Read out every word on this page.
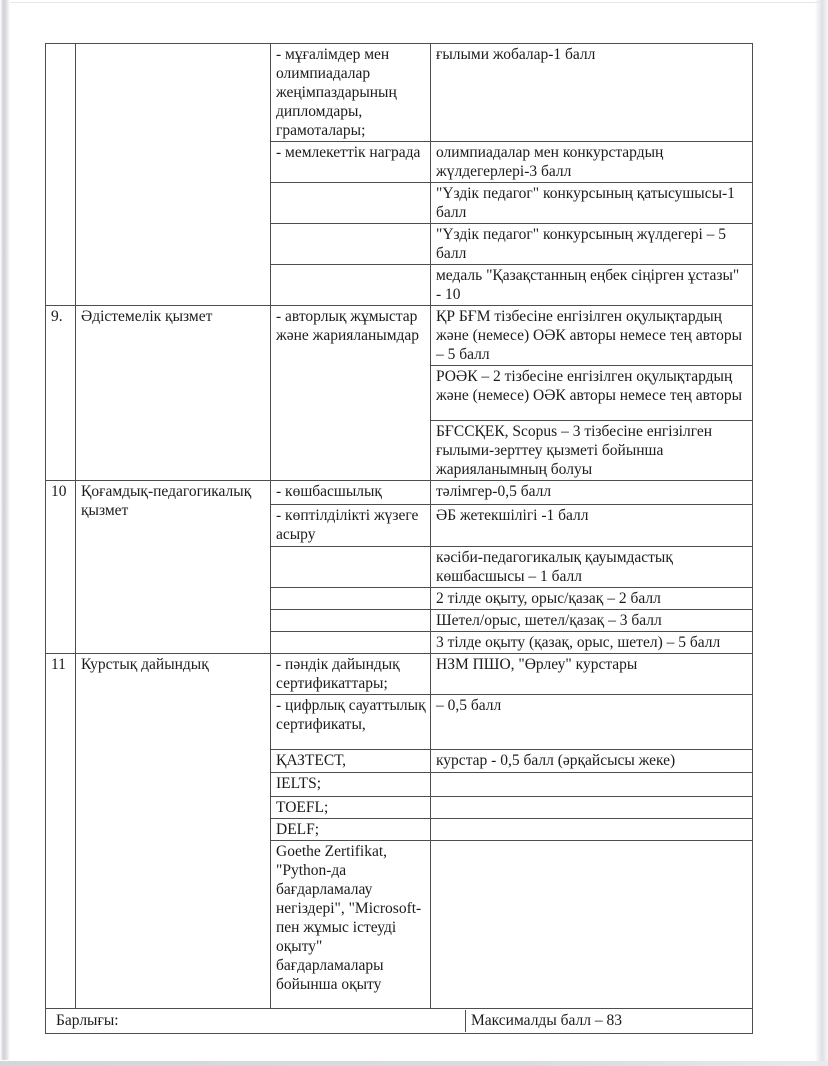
		- мұғалімдер мен олимпиадалар жеңімпаздарының дипломдары, грамоталары;	ғылыми жобалар-1 балл
		- мемлекеттік награда	олимпиадалар мен конкурстардың жүлдегерлері-3 балл
			"Үздік педагог" конкурсының қатысушысы-1 балл
			"Үздік педагог" конкурсының жүлдегері – 5 балл
			медаль "Қазақстанның еңбек сіңірген ұстазы" - 10
9.	Әдістемелік қызмет	- авторлық жұмыстар және жарияланымдар	ҚР БҒМ тізбесіне енгізілген оқулықтардың және (немесе) ОӘК авторы немесе тең авторы – 5 балл
			РОӘК – 2 тізбесіне енгізілген оқулықтардың және (немесе) ОӘК авторы немесе тең авторы
			БҒССҚЕК, Scopus – 3 тізбесіне енгізілген ғылыми-зерттеу қызметі бойынша жарияланымның болуы
10	Қоғамдық-педагогикалық қызмет	- көшбасшылық	тәлімгер-0,5 балл
		- көптілділікті жүзеге асыру	ӘБ жетекшілігі -1 балл
			кәсіби-педагогикалық қауымдастық көшбасшысы – 1 балл
			2 тілде оқыту, орыс/қазақ – 2 балл
			Шетел/орыс, шетел/қазақ – 3 балл
			3 тілде оқыту (қазақ, орыс, шетел) – 5 балл
11	Курстық дайындық	- пәндік дайындық сертификаттары;	НЗМ ПШО, "Өрлеу" курстары
		- цифрлық сауаттылық сертификаты,	– 0,5 балл
		ҚАЗТЕСТ,	курстар - 0,5 балл (әрқайсысы жеке)
		IELTS;	
		TOEFL;	
		DELF;	
		Goethe Zertifikat, "Python-да бағдарламалау негіздері", "Microsoft-пен жұмыс істеуді оқыту" бағдарламалары бойынша оқыту	

Барлығы: Максималды балл – 83			
